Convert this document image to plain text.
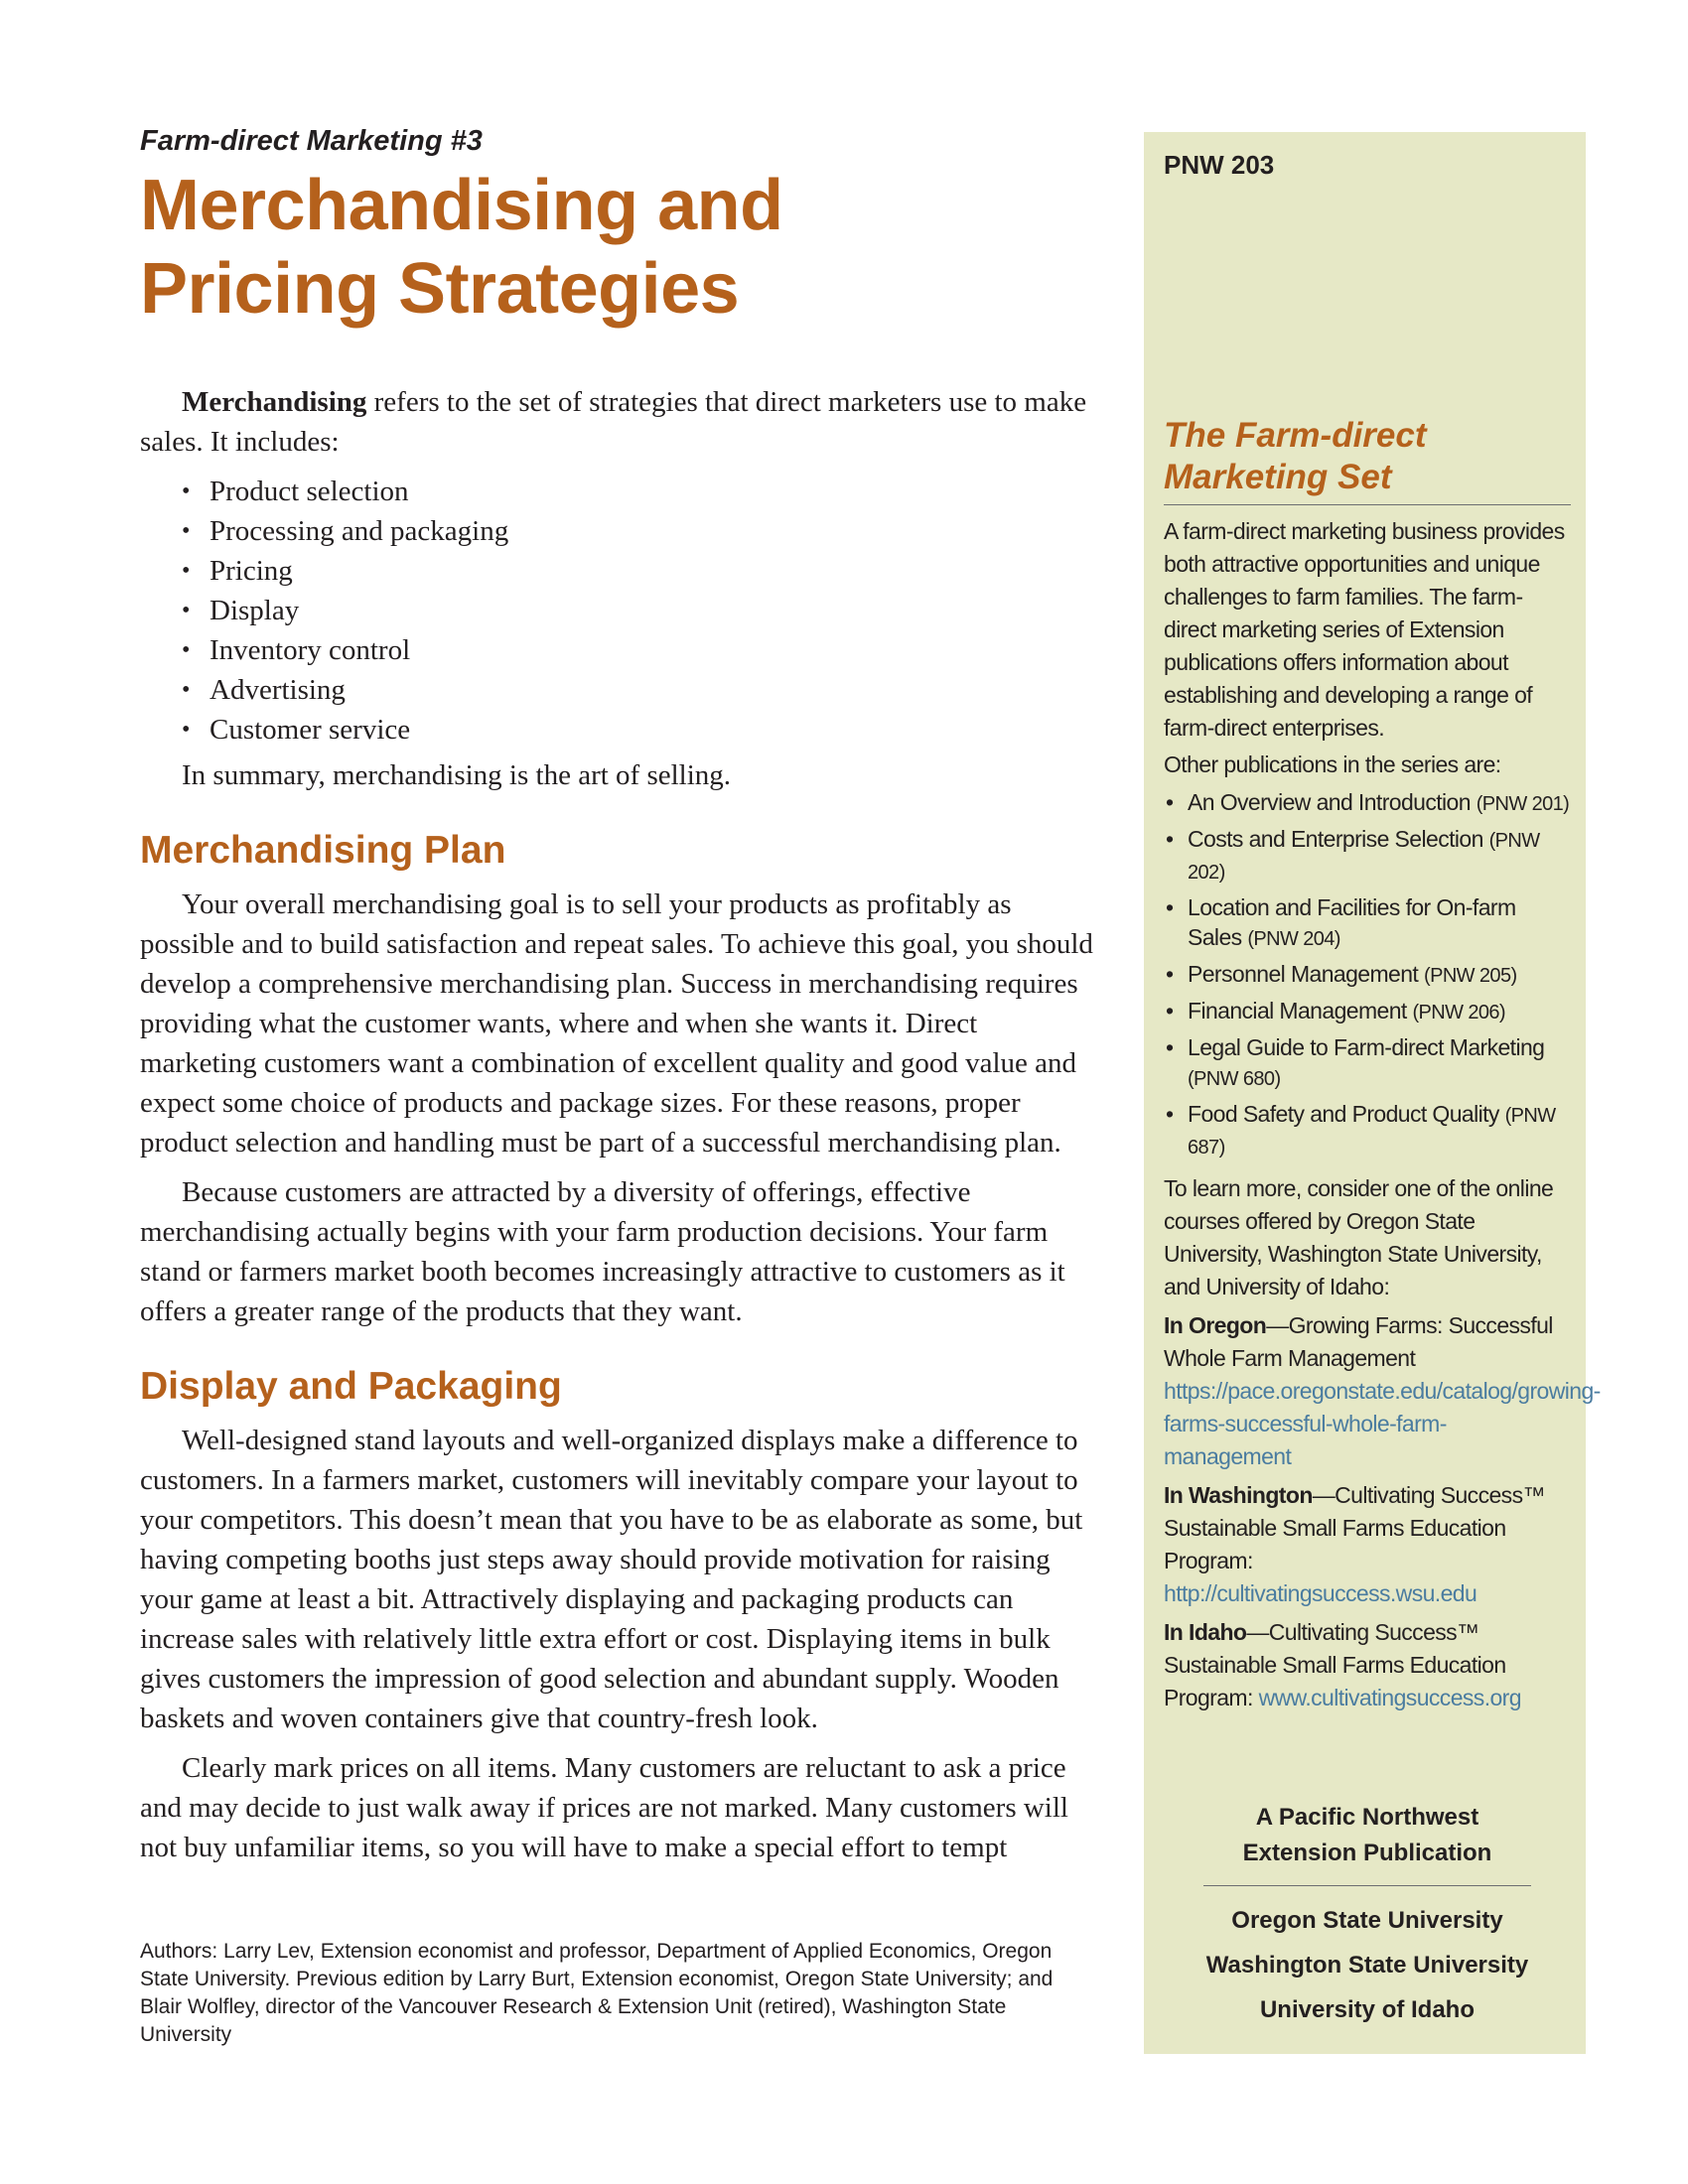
Farm-direct Marketing #3
Merchandising and
Pricing Strategies

Merchandising refers to the set of strategies that direct marketers use to make sales. It includes:

• Product selection
• Processing and packaging
• Pricing
• Display
• Inventory control
• Advertising
• Customer service

In summary, merchandising is the art of selling.

Merchandising Plan

Your overall merchandising goal is to sell your products as profitably as possible and to build satisfaction and repeat sales. To achieve this goal, you should develop a comprehensive merchandising plan. Success in merchandising requires providing what the customer wants, where and when she wants it. Direct marketing customers want a combination of excellent quality and good value and expect some choice of products and package sizes. For these reasons, proper product selection and handling must be part of a successful merchandising plan.

Because customers are attracted by a diversity of offerings, effective merchandising actually begins with your farm production decisions. Your farm stand or farmers market booth becomes increasingly attractive to customers as it offers a greater range of the products that they want.

Display and Packaging

Well-designed stand layouts and well-organized displays make a difference to customers. In a farmers market, customers will inevitably compare your layout to your competitors. This doesn’t mean that you have to be as elaborate as some, but having competing booths just steps away should provide motivation for raising your game at least a bit. Attractively displaying and packaging products can increase sales with relatively little extra effort or cost. Displaying items in bulk gives customers the impression of good selection and abundant supply. Wooden baskets and woven containers give that country-fresh look.

Clearly mark prices on all items. Many customers are reluctant to ask a price and may decide to just walk away if prices are not marked. Many customers will not buy unfamiliar items, so you will have to make a special effort to tempt

Authors: Larry Lev, Extension economist and professor, Department of Applied Economics, Oregon State University. Previous edition by Larry Burt, Extension economist, Oregon State University; and Blair Wolfley, director of the Vancouver Research & Extension Unit (retired), Washington State University
PNW 203
The Farm-direct
Marketing Set

A farm-direct marketing business provides both attractive opportunities and unique challenges to farm families. The farm-direct marketing series of Extension publications offers information about establishing and developing a range of farm-direct enterprises.

Other publications in the series are:

• An Overview and Introduction (PNW 201)
• Costs and Enterprise Selection (PNW 202)
• Location and Facilities for On-farm Sales (PNW 204)
• Personnel Management (PNW 205)
• Financial Management (PNW 206)
• Legal Guide to Farm-direct Marketing (PNW 680)
• Food Safety and Product Quality (PNW 687)

To learn more, consider one of the online courses offered by Oregon State University, Washington State University, and University of Idaho:

In Oregon—Growing Farms: Successful Whole Farm Management https://pace.oregonstate.edu/catalog/growing-farms-successful-whole-farm-management

In Washington—Cultivating Success™ Sustainable Small Farms Education Program: http://cultivatingsuccess.wsu.edu

In Idaho—Cultivating Success™ Sustainable Small Farms Education Program: www.cultivatingsuccess.org

A Pacific Northwest
Extension Publication
Oregon State University
Washington State University
University of Idaho
